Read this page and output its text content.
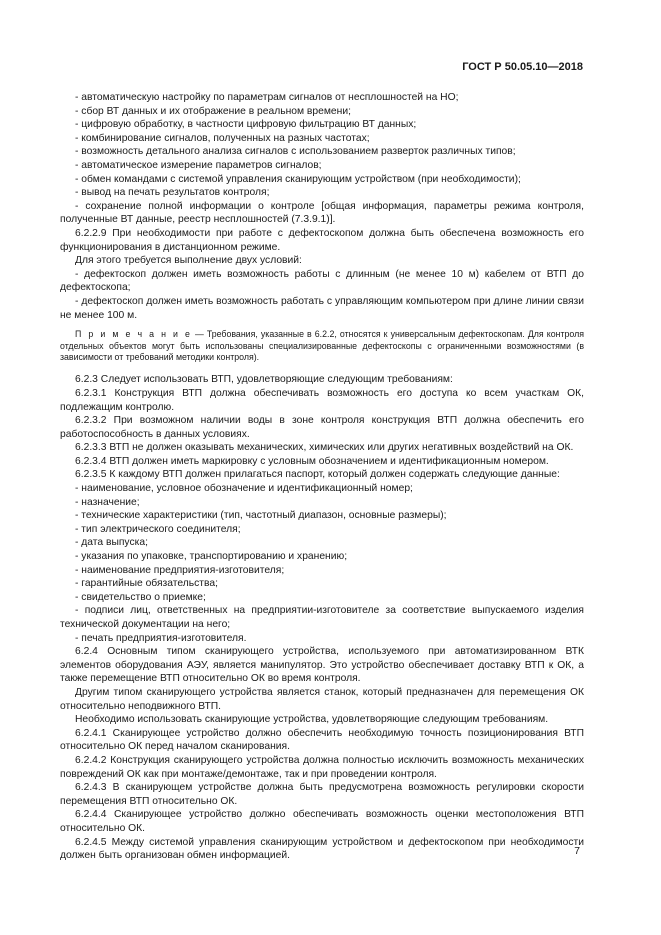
ГОСТ Р 50.05.10—2018

- автоматическую настройку по параметрам сигналов от несплошностей на НО;

- сбор ВТ данных и их отображение в реальном времени;

- цифровую обработку, в частности цифровую фильтрацию ВТ данных;

- комбинирование сигналов, полученных на разных частотах;

- возможность детального анализа сигналов с использованием разверток различных типов;

- автоматическое измерение параметров сигналов;

- обмен командами с системой управления сканирующим устройством (при необходимости);

- вывод на печать результатов контроля;

- сохранение полной информации о контроле [общая информация, параметры режима контроля, полученные ВТ данные, реестр несплошностей (7.3.9.1)].

6.2.2.9 При необходимости при работе с дефектоскопом должна быть обеспечена возможность его функционирования в дистанционном режиме.

Для этого требуется выполнение двух условий:

- дефектоскоп должен иметь возможность работы с длинным (не менее 10 м) кабелем от ВТП до дефектоскопа;

- дефектоскоп должен иметь возможность работать с управляющим компьютером при длине линии связи не менее 100 м.

П р и м е ч а н и е — Требования, указанные в 6.2.2, относятся к универсальным дефектоскопам. Для контроля отдельных объектов могут быть использованы специализированные дефектоскопы с ограниченными возможностями (в зависимости от требований методики контроля).

6.2.3 Следует использовать ВТП, удовлетворяющие следующим требованиям:

6.2.3.1 Конструкция ВТП должна обеспечивать возможность его доступа ко всем участкам ОК, подлежащим контролю.

6.2.3.2 При возможном наличии воды в зоне контроля конструкция ВТП должна обеспечить его работоспособность в данных условиях.

6.2.3.3 ВТП не должен оказывать механических, химических или других негативных воздействий на ОК.

6.2.3.4 ВТП должен иметь маркировку с условным обозначением и идентификационным номером.

6.2.3.5 К каждому ВТП должен прилагаться паспорт, который должен содержать следующие данные:

- наименование, условное обозначение и идентификационный номер;

- назначение;

- технические характеристики (тип, частотный диапазон, основные размеры);

- тип электрического соединителя;

- дата выпуска;

- указания по упаковке, транспортированию и хранению;

- наименование предприятия-изготовителя;

- гарантийные обязательства;

- свидетельство о приемке;

- подписи лиц, ответственных на предприятии-изготовителе за соответствие выпускаемого изделия технической документации на него;

- печать предприятия-изготовителя.

6.2.4 Основным типом сканирующего устройства, используемого при автоматизированном ВТК элементов оборудования АЭУ, является манипулятор. Это устройство обеспечивает доставку ВТП к ОК, а также перемещение ВТП относительно ОК во время контроля.

Другим типом сканирующего устройства является станок, который предназначен для перемещения ОК относительно неподвижного ВТП.

Необходимо использовать сканирующие устройства, удовлетворяющие следующим требованиям.

6.2.4.1 Сканирующее устройство должно обеспечить необходимую точность позиционирования ВТП относительно ОК перед началом сканирования.

6.2.4.2 Конструкция сканирующего устройства должна полностью исключить возможность механических повреждений ОК как при монтаже/демонтаже, так и при проведении контроля.

6.2.4.3 В сканирующем устройстве должна быть предусмотрена возможность регулировки скорости перемещения ВТП относительно ОК.

6.2.4.4 Сканирующее устройство должно обеспечивать возможность оценки местоположения ВТП относительно ОК.

6.2.4.5 Между системой управления сканирующим устройством и дефектоскопом при необходимости должен быть организован обмен информацией.	7
